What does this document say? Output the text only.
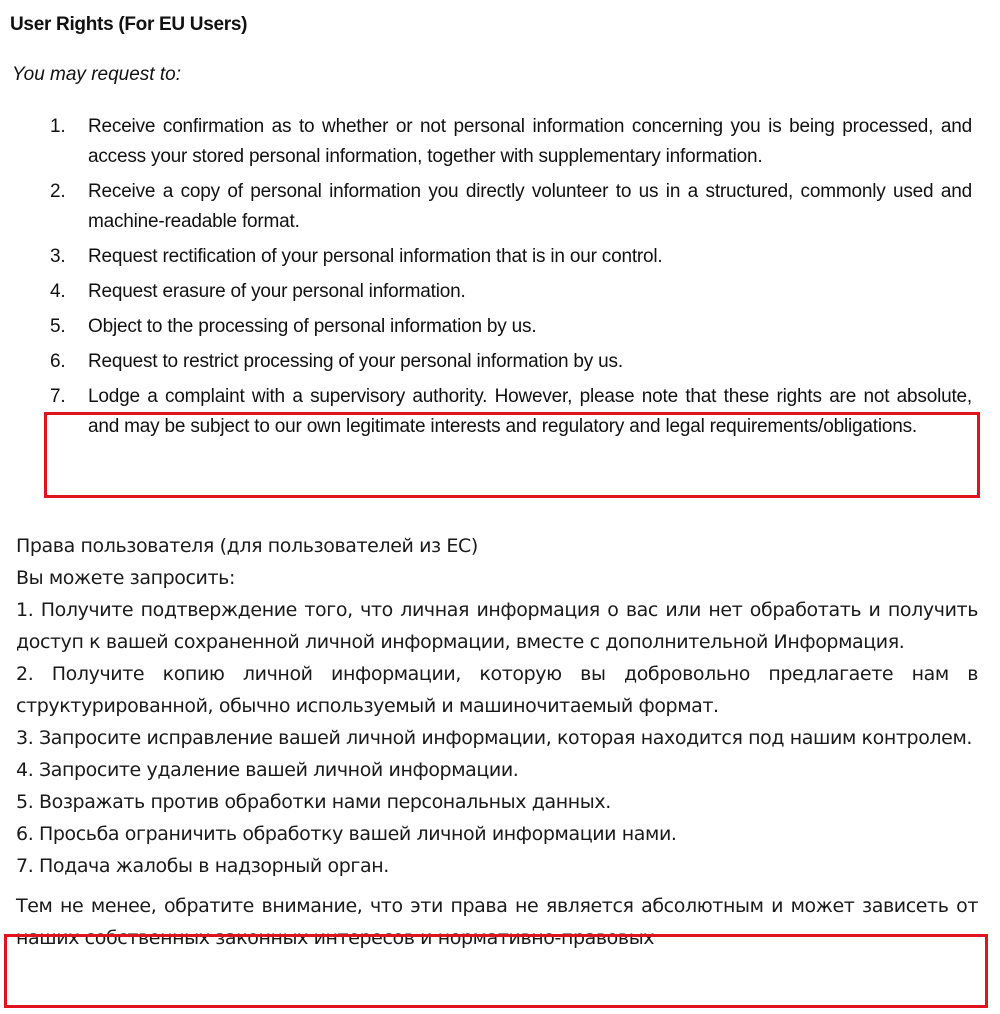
User Rights (For EU Users)
You may request to:
1. Receive confirmation as to whether or not personal information concerning you is being processed, and access your stored personal information, together with supplementary information.
2. Receive a copy of personal information you directly volunteer to us in a structured, commonly used and machine-readable format.
3. Request rectification of your personal information that is in our control.
4. Request erasure of your personal information.
5. Object to the processing of personal information by us.
6. Request to restrict processing of your personal information by us.
7. Lodge a complaint with a supervisory authority. However, please note that these rights are not absolute, and may be subject to our own legitimate interests and regulatory and legal requirements/obligations.
Права пользователя (для пользователей из ЕС)
Вы можете запросить:
1. Получите подтверждение того, что личная информация о вас или нет обработать и получить доступ к вашей сохраненной личной информации, вместе с дополнительной Информация.
2. Получите копию личной информации, которую вы добровольно предлагаете нам в структурированной, обычно используемый и машиночитаемый формат.
3. Запросите исправление вашей личной информации, которая находится под нашим контролем.
4. Запросите удаление вашей личной информации.
5. Возражать против обработки нами персональных данных.
6. Просьба ограничить обработку вашей личной информации нами.
7. Подача жалобы в надзорный орган.
Тем не менее, обратите внимание, что эти права не является абсолютным и может зависеть от наших собственных законных интересов и нормативно-правовых
